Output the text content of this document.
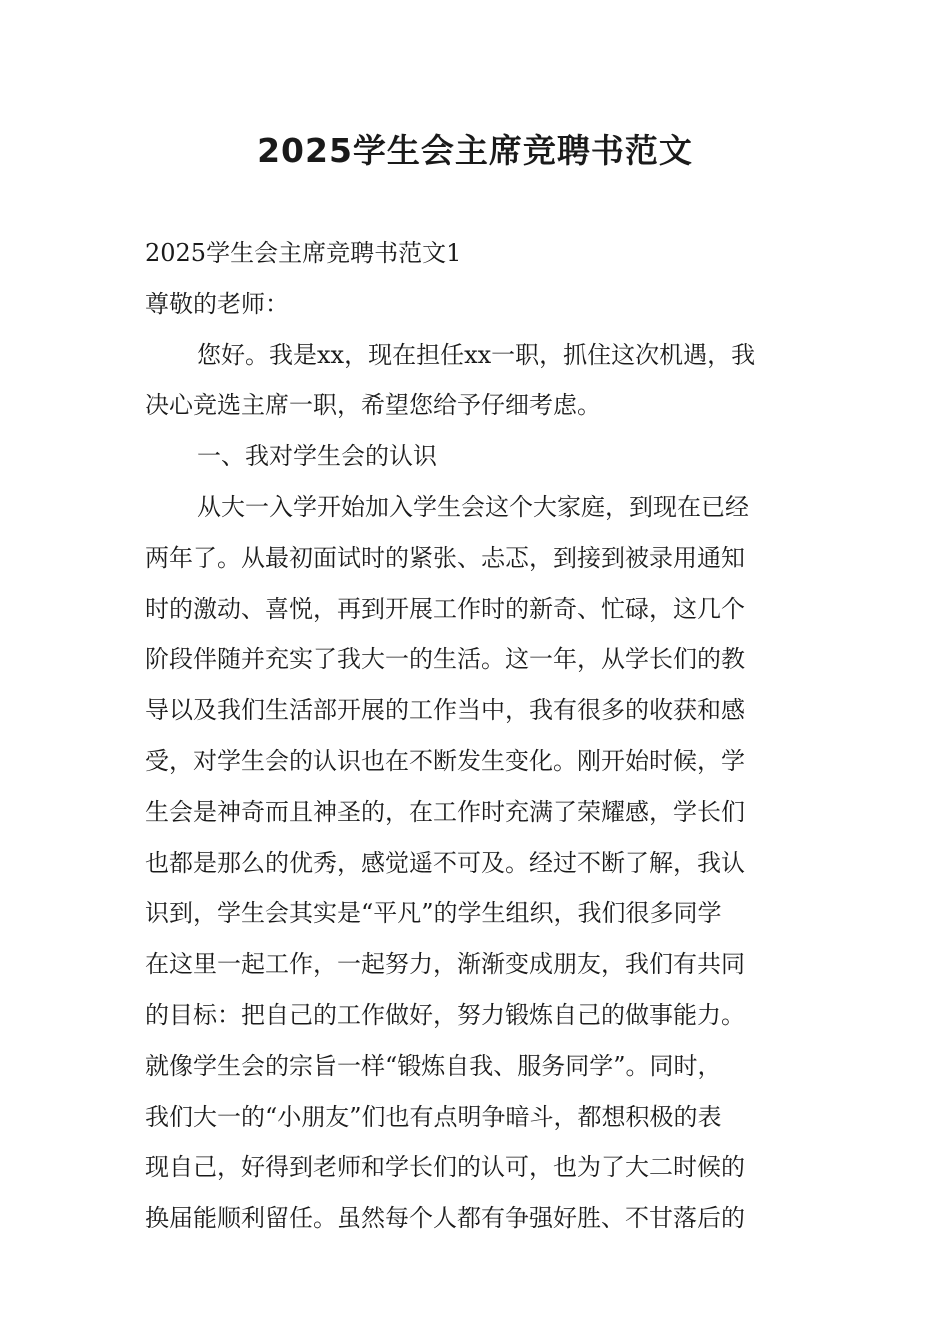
2025学生会主席竞聘书范文
2025学生会主席竞聘书范文1
尊敬的老师：
您好。我是xx，现在担任xx一职，抓住这次机遇，我
决心竞选主席一职，希望您给予仔细考虑。
一、我对学生会的认识
从大一入学开始加入学生会这个大家庭，到现在已经
两年了。从最初面试时的紧张、忐忑，到接到被录用通知
时的激动、喜悦，再到开展工作时的新奇、忙碌，这几个
阶段伴随并充实了我大一的生活。这一年，从学长们的教
导以及我们生活部开展的工作当中，我有很多的收获和感
受，对学生会的认识也在不断发生变化。刚开始时候，学
生会是神奇而且神圣的，在工作时充满了荣耀感，学长们
也都是那么的优秀，感觉遥不可及。经过不断了解，我认
识到，学生会其实是“平凡”的学生组织，我们很多同学
在这里一起工作，一起努力，渐渐变成朋友，我们有共同
的目标：把自己的工作做好，努力锻炼自己的做事能力。
就像学生会的宗旨一样“锻炼自我、服务同学”。同时，
我们大一的“小朋友”们也有点明争暗斗，都想积极的表
现自己，好得到老师和学长们的认可，也为了大二时候的
换届能顺利留任。虽然每个人都有争强好胜、不甘落后的
